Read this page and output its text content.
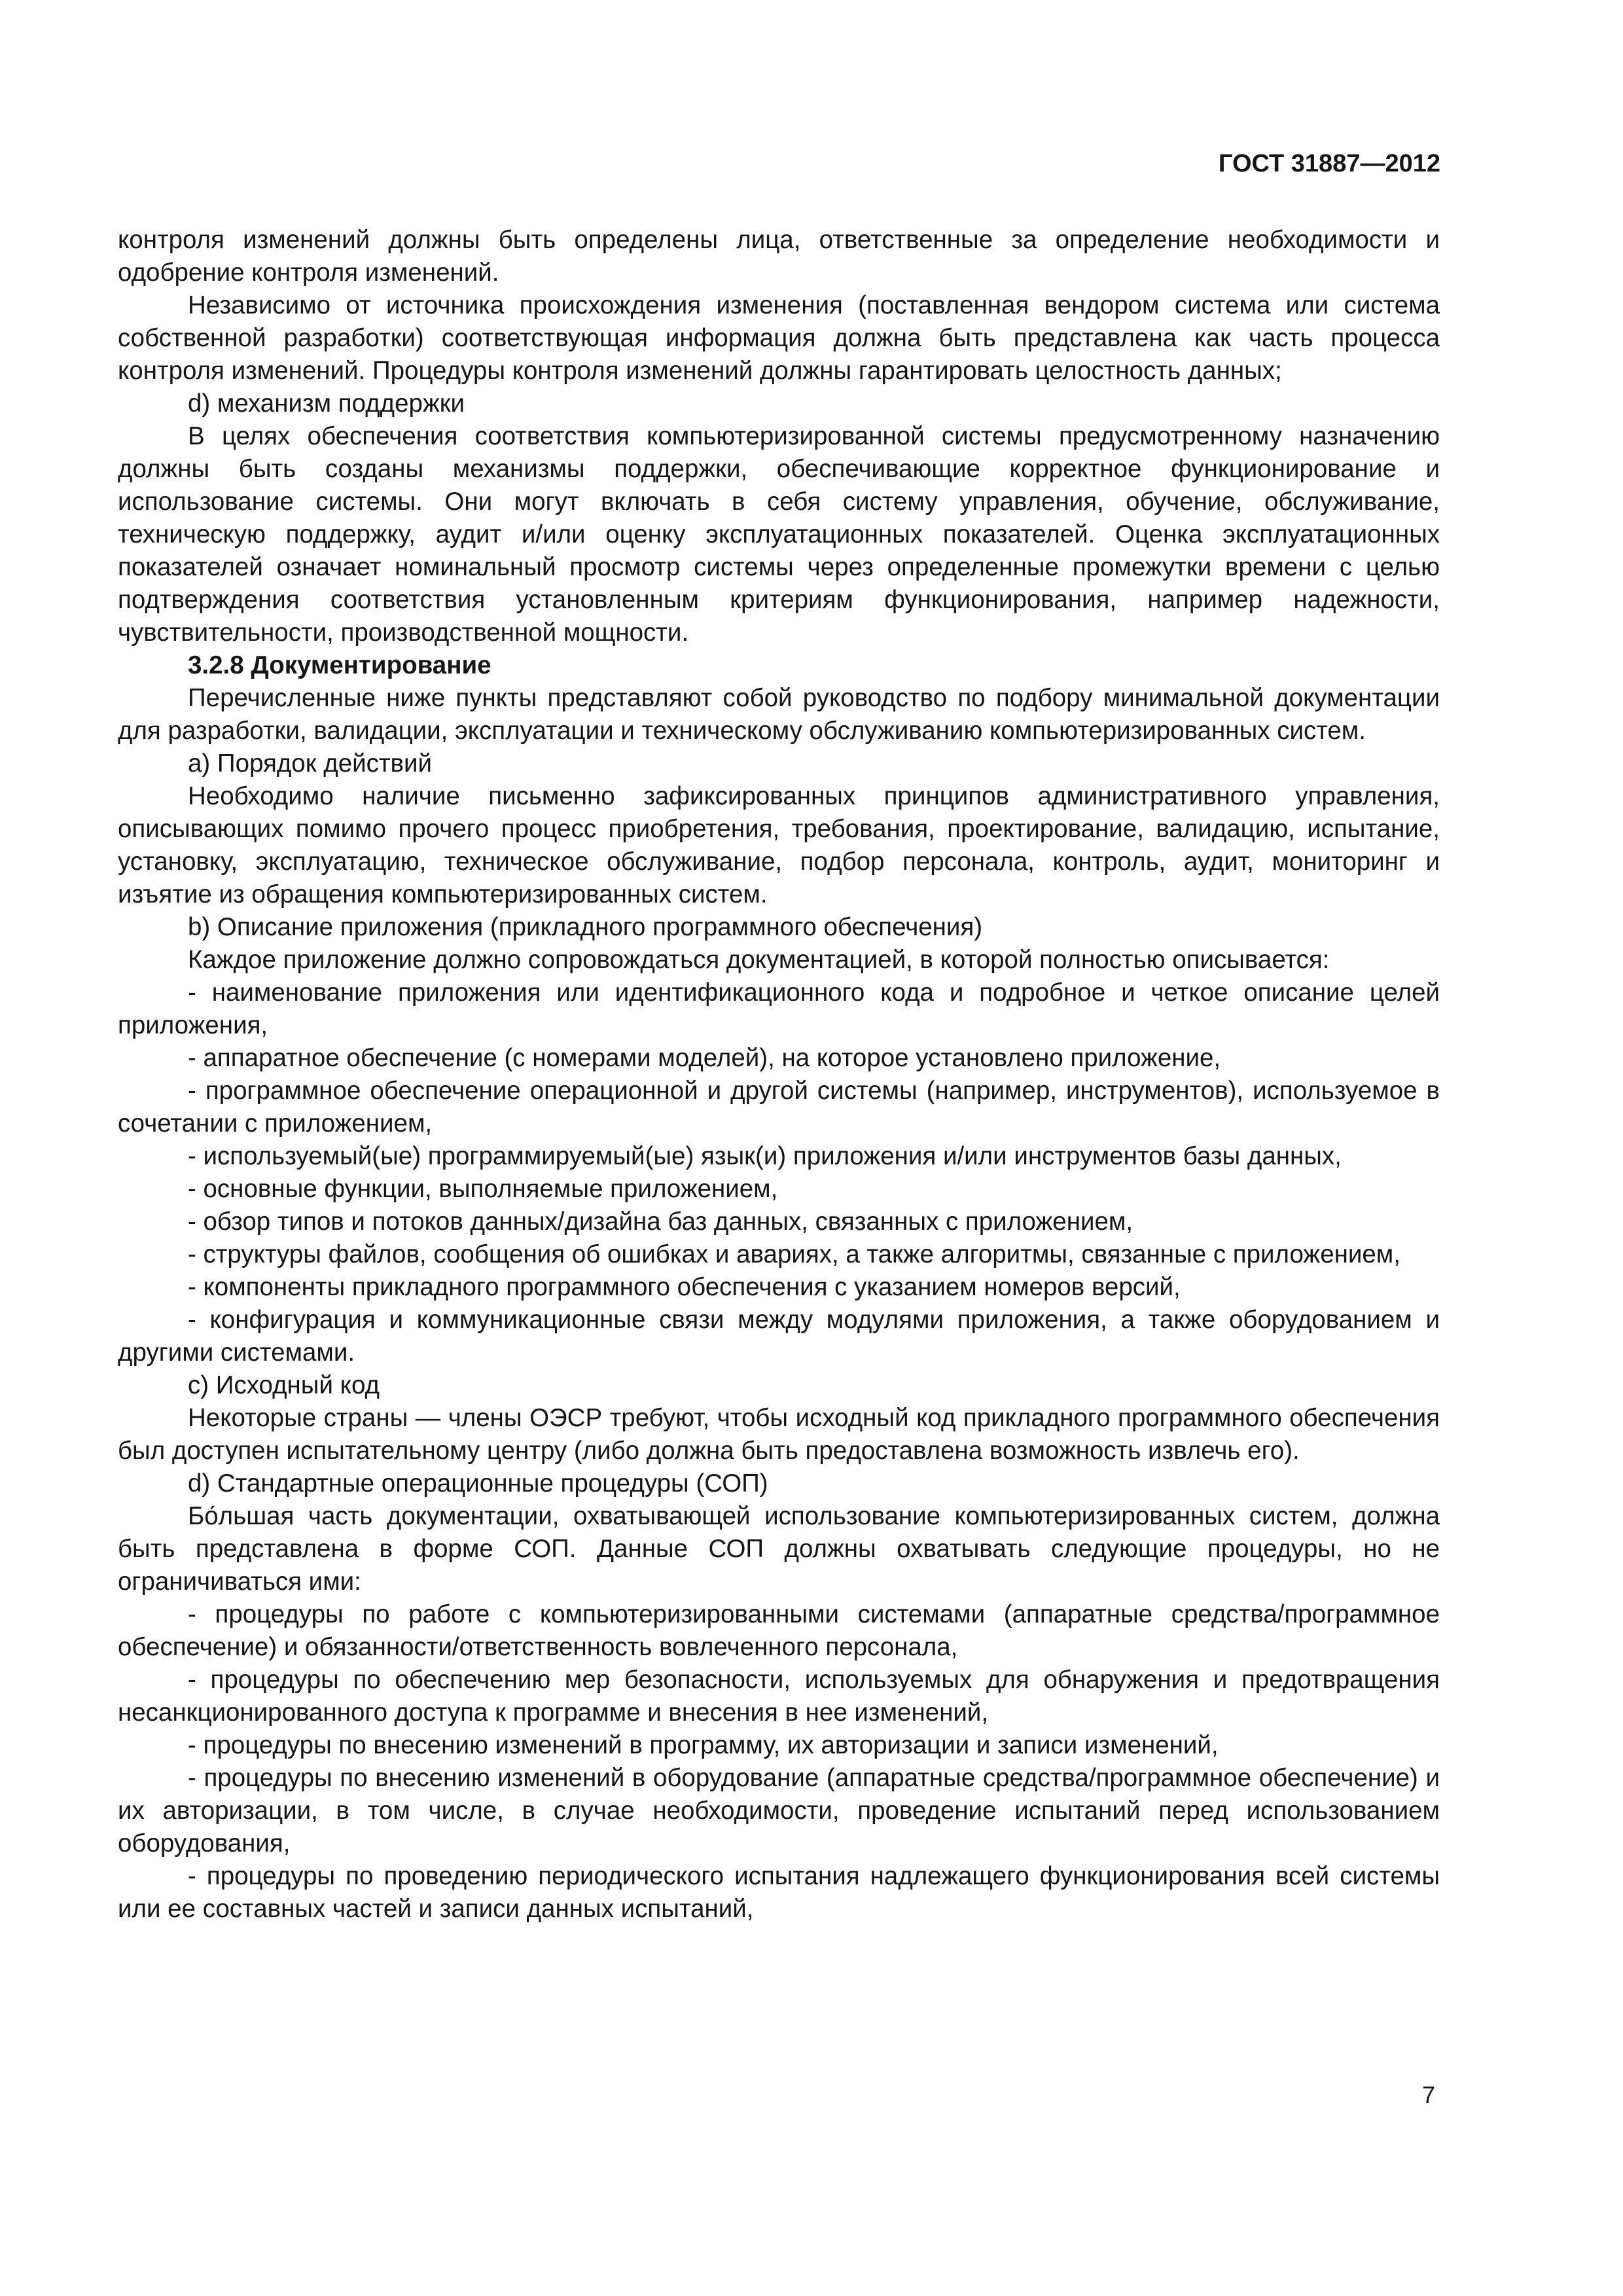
ГОСТ 31887—2012

контроля изменений должны быть определены лица, ответственные за определение необходимости и одобрение контроля изменений.

Независимо от источника происхождения изменения (поставленная вендором система или система собственной разработки) соответствующая информация должна быть представлена как часть процесса контроля изменений. Процедуры контроля изменений должны гарантировать целостность данных;

d) механизм поддержки

В целях обеспечения соответствия компьютеризированной системы предусмотренному назначению должны быть созданы механизмы поддержки, обеспечивающие корректное функционирование и использование системы. Они могут включать в себя систему управления, обучение, обслуживание, техническую поддержку, аудит и/или оценку эксплуатационных показателей. Оценка эксплуатационных показателей означает номинальный просмотр системы через определенные промежутки времени с целью подтверждения соответствия установленным критериям функционирования, например надежности, чувствительности, производственной мощности.

3.2.8 Документирование

Перечисленные ниже пункты представляют собой руководство по подбору минимальной документации для разработки, валидации, эксплуатации и техническому обслуживанию компьютеризированных систем.

a) Порядок действий

Необходимо наличие письменно зафиксированных принципов административного управления, описывающих помимо прочего процесс приобретения, требования, проектирование, валидацию, испытание, установку, эксплуатацию, техническое обслуживание, подбор персонала, контроль, аудит, мониторинг и изъятие из обращения компьютеризированных систем.

b) Описание приложения (прикладного программного обеспечения)

Каждое приложение должно сопровождаться документацией, в которой полностью описывается:

- наименование приложения или идентификационного кода и подробное и четкое описание целей приложения,

- аппаратное обеспечение (с номерами моделей), на которое установлено приложение,

- программное обеспечение операционной и другой системы (например, инструментов), используемое в сочетании с приложением,

- используемый(ые) программируемый(ые) язык(и) приложения и/или инструментов базы данных,

- основные функции, выполняемые приложением,

- обзор типов и потоков данных/дизайна баз данных, связанных с приложением,

- структуры файлов, сообщения об ошибках и авариях, а также алгоритмы, связанные с приложением,

- компоненты прикладного программного обеспечения с указанием номеров версий,

- конфигурация и коммуникационные связи между модулями приложения, а также оборудованием и другими системами.

c) Исходный код

Некоторые страны — члены ОЭСР требуют, чтобы исходный код прикладного программного обеспечения был доступен испытательному центру (либо должна быть предоставлена возможность извлечь его).

d) Стандартные операционные процедуры (СОП)

Бо́льшая часть документации, охватывающей использование компьютеризированных систем, должна быть представлена в форме СОП. Данные СОП должны охватывать следующие процедуры, но не ограничиваться ими:

- процедуры по работе с компьютеризированными системами (аппаратные средства/программное обеспечение) и обязанности/ответственность вовлеченного персонала,

- процедуры по обеспечению мер безопасности, используемых для обнаружения и предотвращения несанкционированного доступа к программе и внесения в нее изменений,

- процедуры по внесению изменений в программу, их авторизации и записи изменений,

- процедуры по внесению изменений в оборудование (аппаратные средства/программное обеспечение) и их авторизации, в том числе, в случае необходимости, проведение испытаний перед использованием оборудования,

- процедуры по проведению периодического испытания надлежащего функционирования всей системы или ее составных частей и записи данных испытаний,

7
